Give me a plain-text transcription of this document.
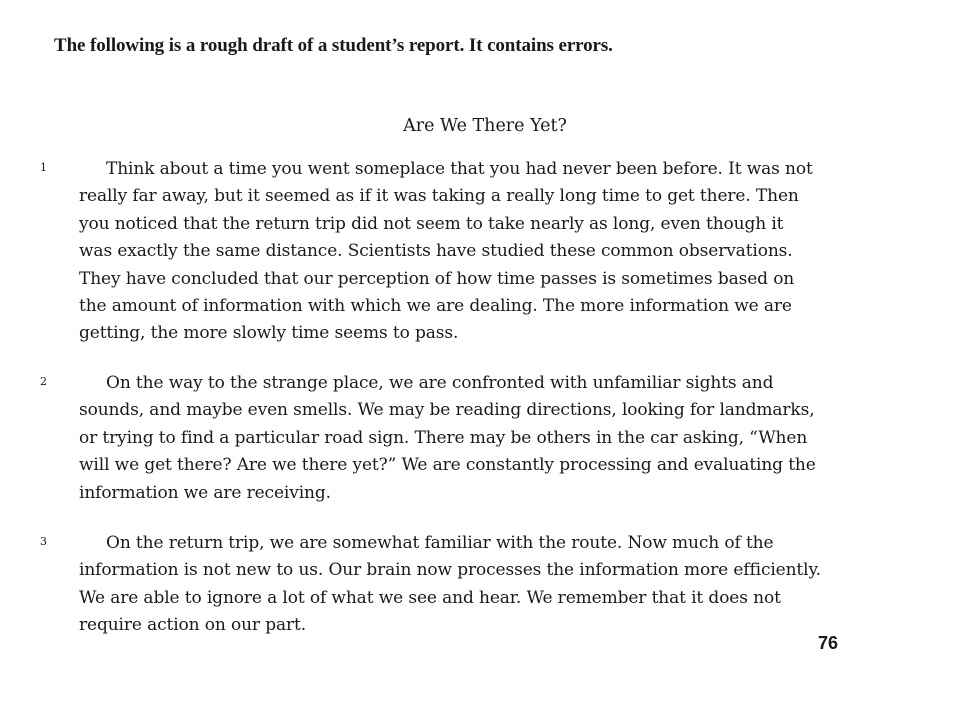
The following is a rough draft of a student’s report. It contains errors.
Are We There Yet?
1	Think about a time you went someplace that you had never been before. It was not
really far away, but it seemed as if it was taking a really long time to get there. Then
you noticed that the return trip did not seem to take nearly as long, even though it
was exactly the same distance. Scientists have studied these common observations.
They have concluded that our perception of how time passes is sometimes based on
the amount of information with which we are dealing. The more information we are
getting, the more slowly time seems to pass.
2	On the way to the strange place, we are confronted with unfamiliar sights and
sounds, and maybe even smells. We may be reading directions, looking for landmarks,
or trying to find a particular road sign. There may be others in the car asking, “When
will we get there? Are we there yet?” We are constantly processing and evaluating the
information we are receiving.
3	On the return trip, we are somewhat familiar with the route. Now much of the
information is not new to us. Our brain now processes the information more efficiently.
We are able to ignore a lot of what we see and hear. We remember that it does not
require action on our part.
76
